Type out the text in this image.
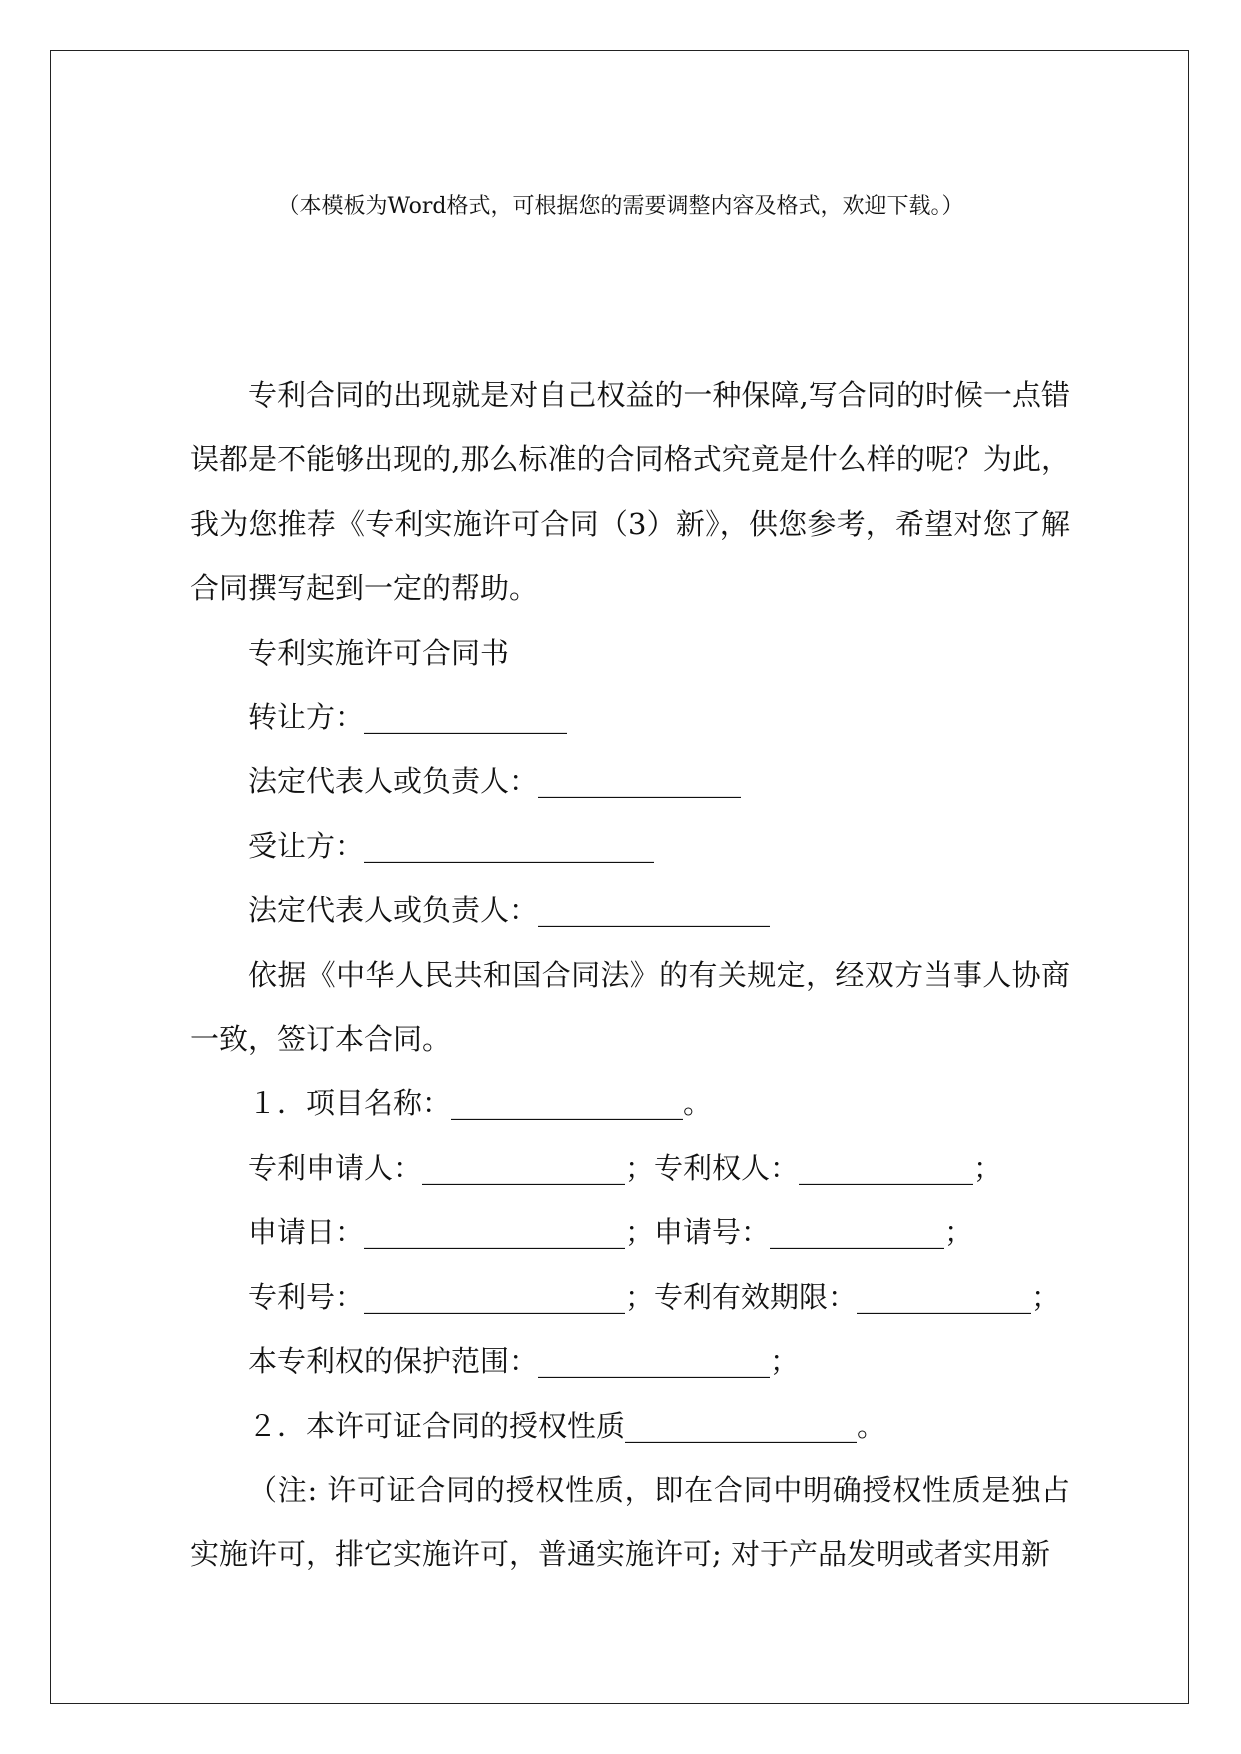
（本模板为Word格式，可根据您的需要调整内容及格式，欢迎下载。）

专利合同的出现就是对自己权益的一种保障,写合同的时候一点错误都是不能够出现的,那么标准的合同格式究竟是什么样的呢？为此，我为您推荐《专利实施许可合同（3）新》，供您参考，希望对您了解合同撰写起到一定的帮助。

专利实施许可合同书

转让方：______________

法定代表人或负责人：______________

受让方：____________________

法定代表人或负责人：________________

依据《中华人民共和国合同法》的有关规定，经双方当事人协商一致，签订本合同。

１．项目名称：________________。

专利申请人：______________；专利权人：____________；

申请日：__________________；申请号：____________；

专利号：__________________；专利有效期限：____________；

本专利权的保护范围：________________；

２．本许可证合同的授权性质________________。

（注: 许可证合同的授权性质，即在合同中明确授权性质是独占实施许可，排它实施许可，普通实施许可; 对于产品发明或者实用新
